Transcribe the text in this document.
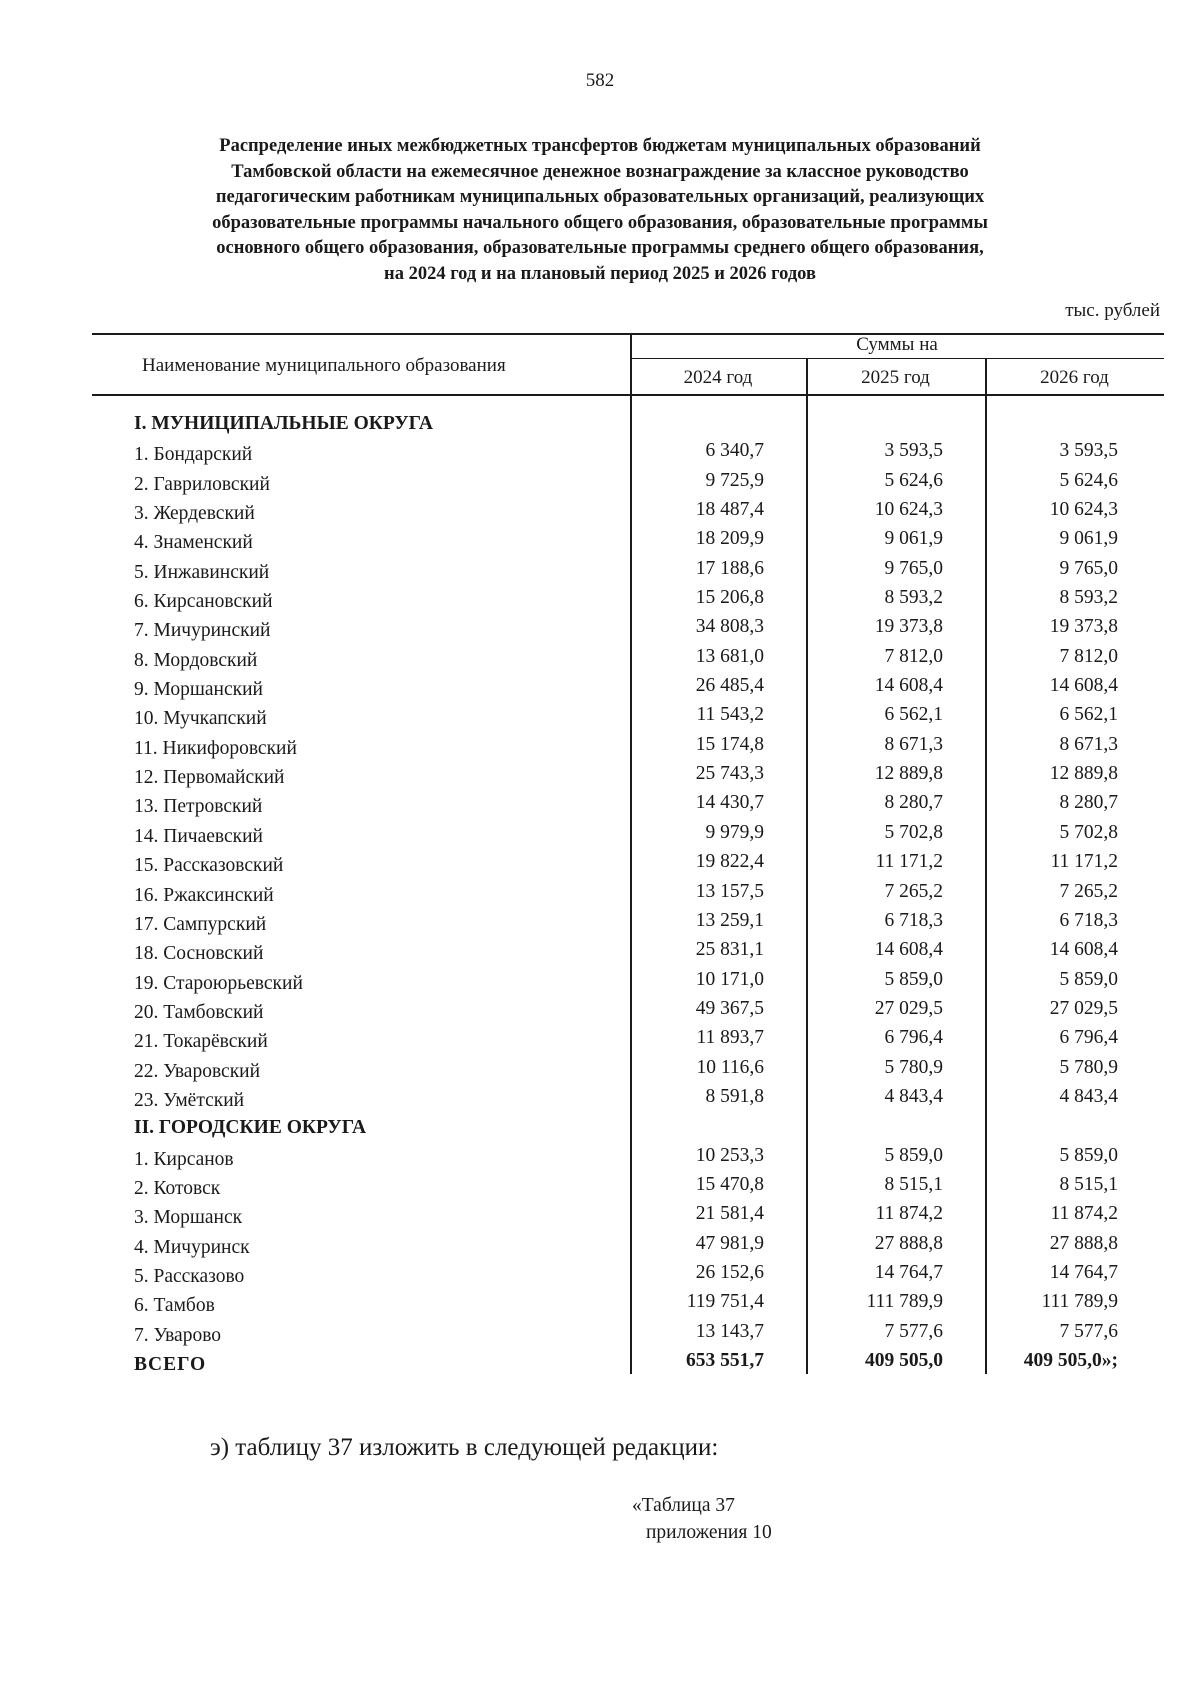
582
Распределение иных межбюджетных трансфертов бюджетам муниципальных образований
Тамбовской области на ежемесячное денежное вознаграждение за классное руководство
педагогическим работникам муниципальных образовательных организаций, реализующих
образовательные программы начального общего образования, образовательные программы
основного общего образования, образовательные программы среднего общего образования,
на 2024 год и на плановый период 2025 и 2026 годов
тыс. рублей
Наименование муниципального образования
Суммы на
2024 год	2025 год	2026 год
I. МУНИЦИПАЛЬНЫЕ ОКРУГА
1. Бондарский	6 340,7	3 593,5	3 593,5
2. Гавриловский	9 725,9	5 624,6	5 624,6
3. Жердевский	18 487,4	10 624,3	10 624,3
4. Знаменский	18 209,9	9 061,9	9 061,9
5. Инжавинский	17 188,6	9 765,0	9 765,0
6. Кирсановский	15 206,8	8 593,2	8 593,2
7. Мичуринский	34 808,3	19 373,8	19 373,8
8. Мордовский	13 681,0	7 812,0	7 812,0
9. Моршанский	26 485,4	14 608,4	14 608,4
10. Мучкапский	11 543,2	6 562,1	6 562,1
11. Никифоровский	15 174,8	8 671,3	8 671,3
12. Первомайский	25 743,3	12 889,8	12 889,8
13. Петровский	14 430,7	8 280,7	8 280,7
14. Пичаевский	9 979,9	5 702,8	5 702,8
15. Рассказовский	19 822,4	11 171,2	11 171,2
16. Ржаксинский	13 157,5	7 265,2	7 265,2
17. Сампурский	13 259,1	6 718,3	6 718,3
18. Сосновский	25 831,1	14 608,4	14 608,4
19. Староюрьевский	10 171,0	5 859,0	5 859,0
20. Тамбовский	49 367,5	27 029,5	27 029,5
21. Токарёвский	11 893,7	6 796,4	6 796,4
22. Уваровский	10 116,6	5 780,9	5 780,9
23. Умётский	8 591,8	4 843,4	4 843,4
II. ГОРОДСКИЕ ОКРУГА
1. Кирсанов	10 253,3	5 859,0	5 859,0
2. Котовск	15 470,8	8 515,1	8 515,1
3. Моршанск	21 581,4	11 874,2	11 874,2
4. Мичуринск	47 981,9	27 888,8	27 888,8
5. Рассказово	26 152,6	14 764,7	14 764,7
6. Тамбов	119 751,4	111 789,9	111 789,9
7. Уварово	13 143,7	7 577,6	7 577,6
ВСЕГО	653 551,7	409 505,0	409 505,0»;
э) таблицу 37 изложить в следующей редакции:
«Таблица 37
приложения 10
